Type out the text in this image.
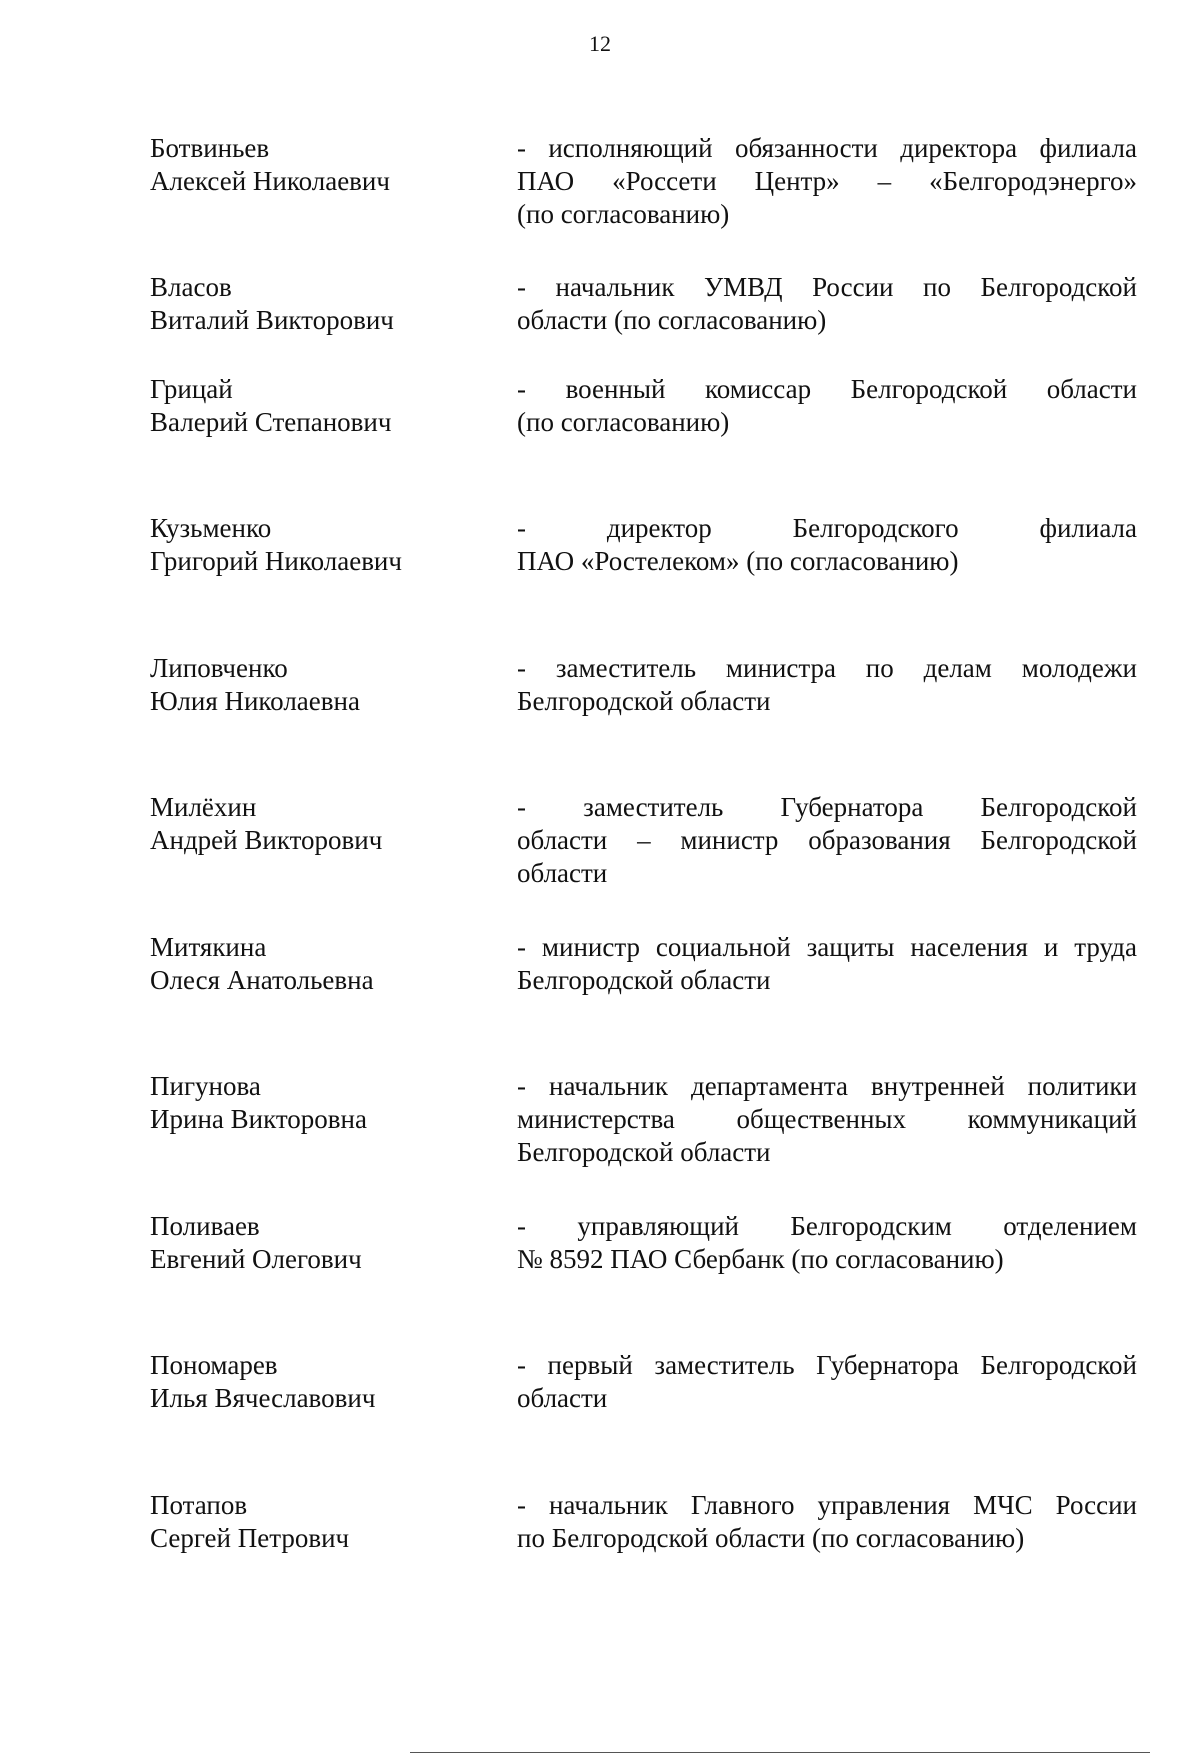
12
Ботвиньев
Алексей Николаевич
- исполняющий обязанности директора филиала
ПАО «Россети Центр» – «Белгородэнерго»
(по согласованию)
Власов
Виталий Викторович
- начальник УМВД России по Белгородской
области (по согласованию)
Грицай
Валерий Степанович
- военный комиссар Белгородской области
(по согласованию)
Кузьменко
Григорий Николаевич
- директор Белгородского филиала
ПАО «Ростелеком» (по согласованию)
Липовченко
Юлия Николаевна
- заместитель министра по делам молодежи
Белгородской области
Милёхин
Андрей Викторович
- заместитель Губернатора Белгородской
области – министр образования Белгородской
области
Митякина
Олеся Анатольевна
- министр социальной защиты населения и труда
Белгородской области
Пигунова
Ирина Викторовна
- начальник департамента внутренней политики
министерства общественных коммуникаций
Белгородской области
Поливаев
Евгений Олегович
- управляющий Белгородским отделением
№ 8592 ПАО Сбербанк (по согласованию)
Пономарев
Илья Вячеславович
- первый заместитель Губернатора Белгородской
области
Потапов
Сергей Петрович
- начальник Главного управления МЧС России
по Белгородской области (по согласованию)
